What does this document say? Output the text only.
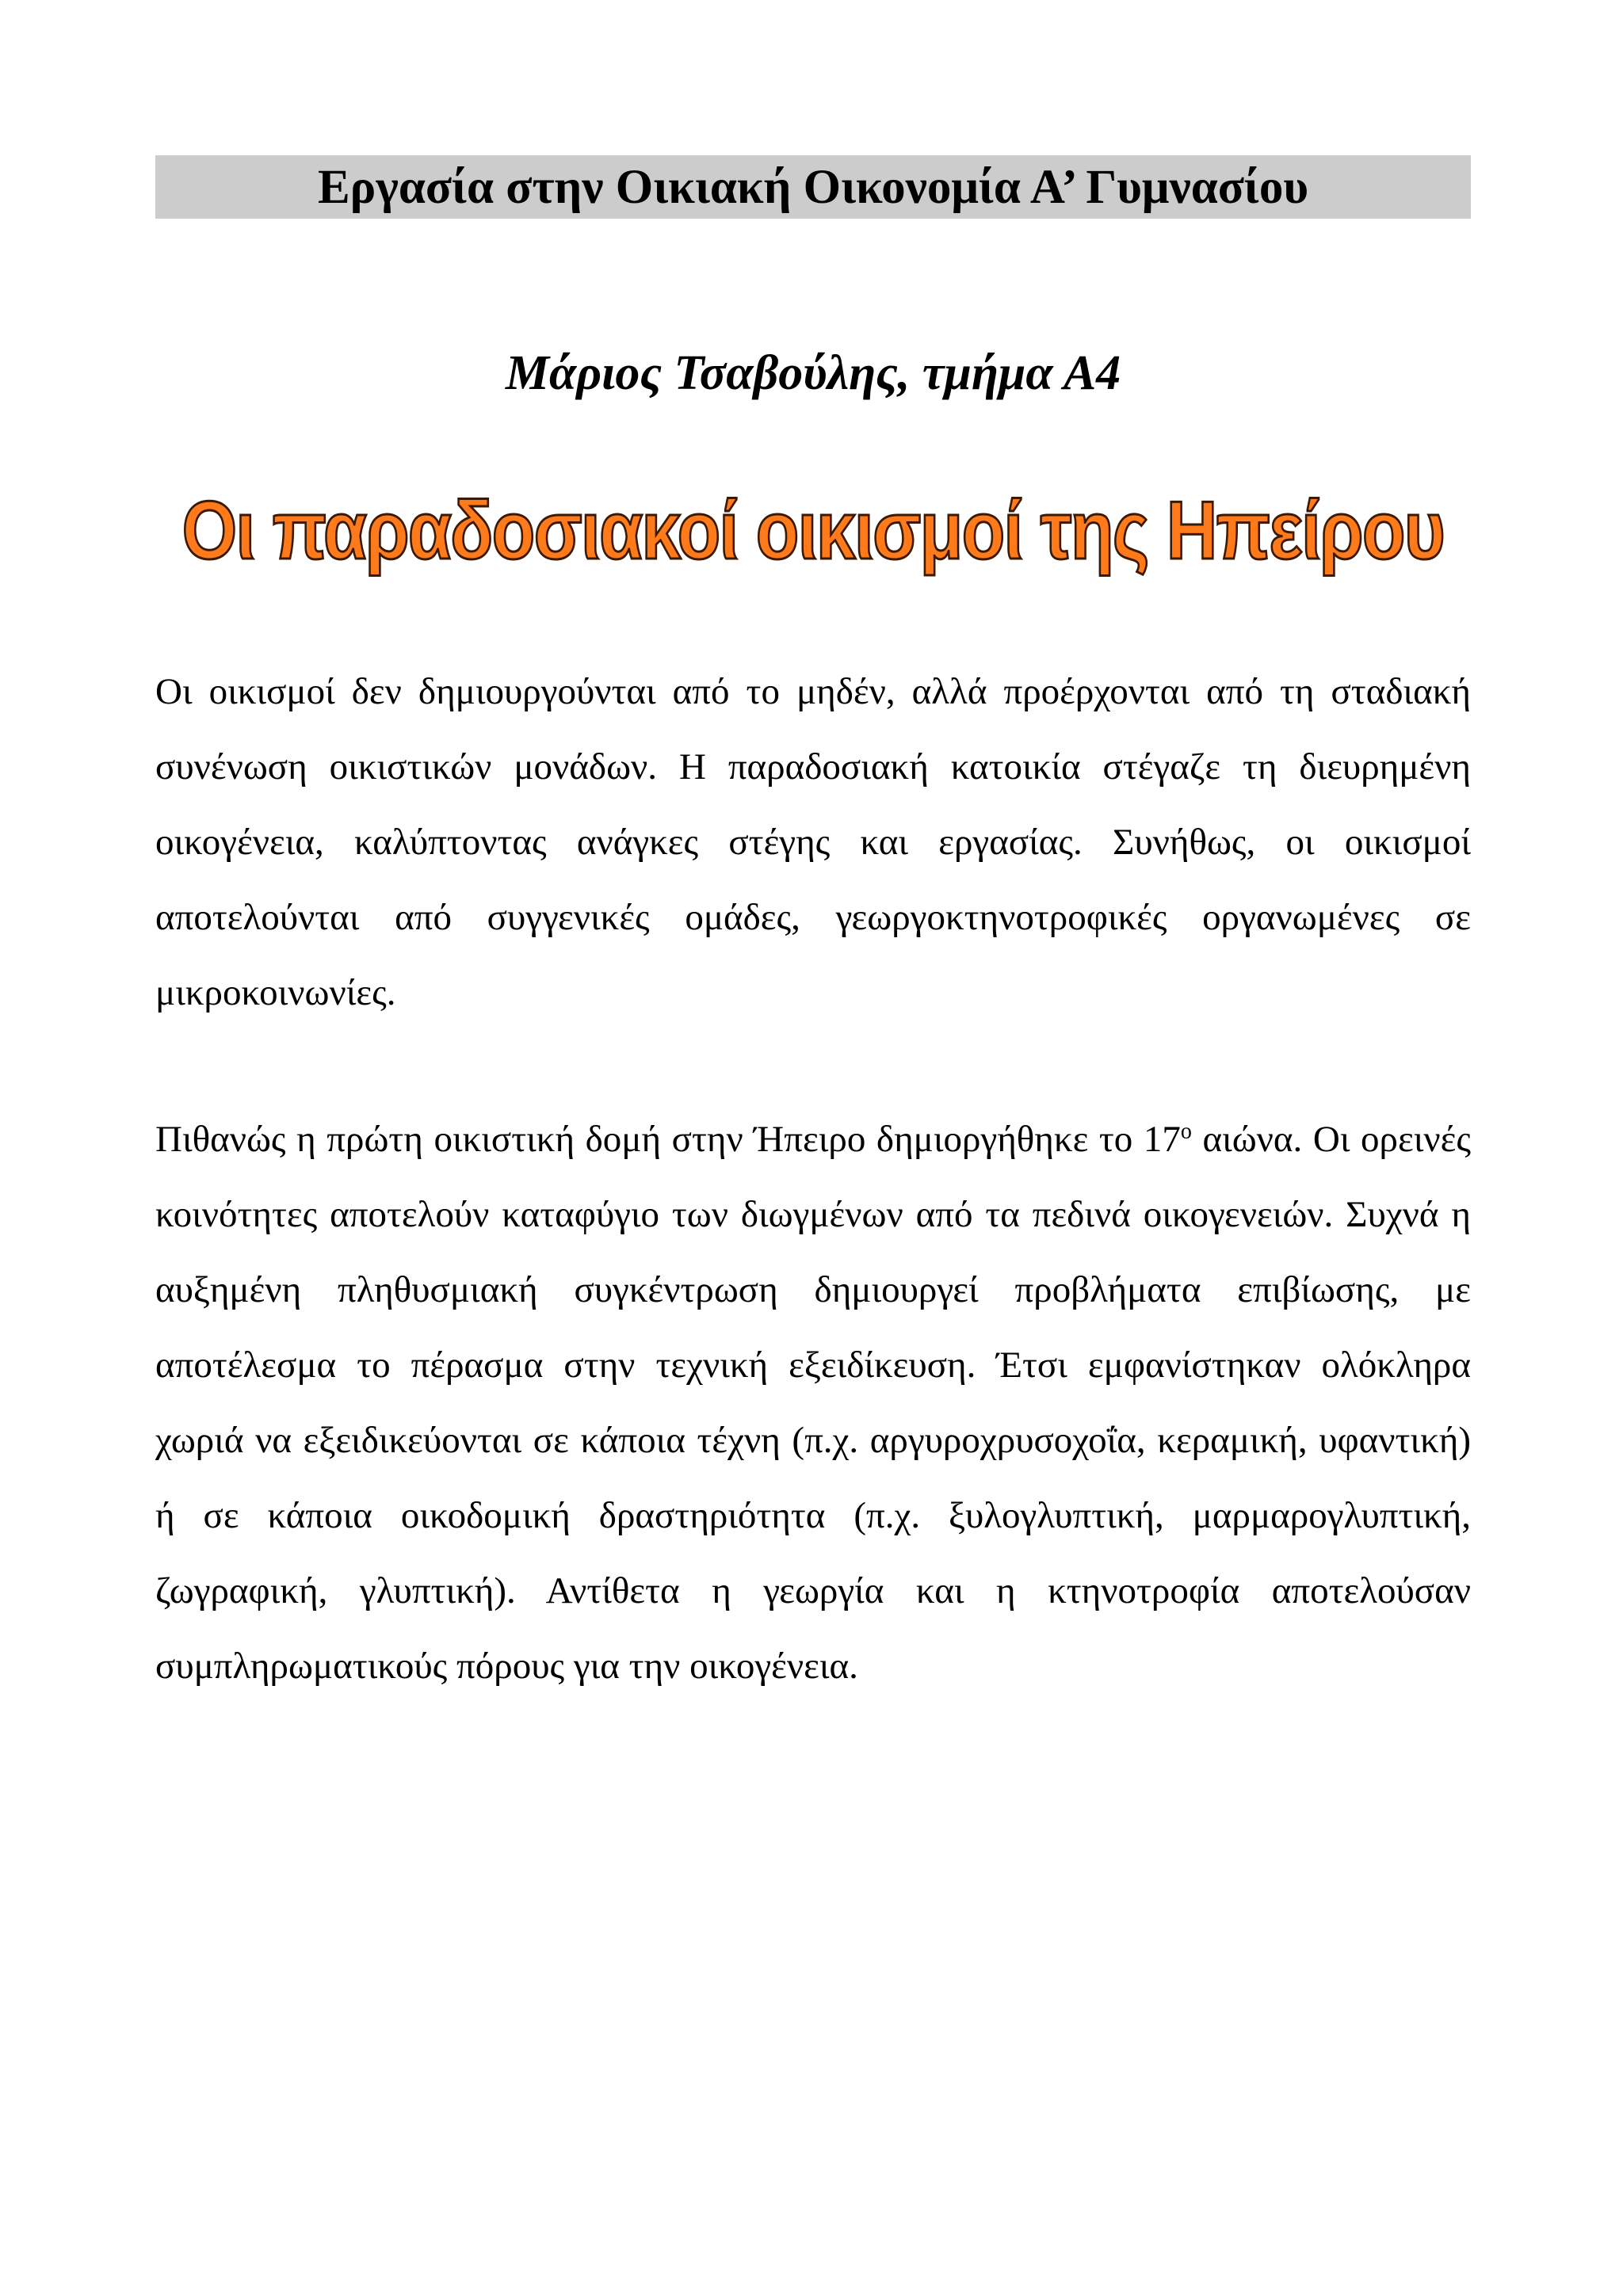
Εργασία στην Οικιακή Οικονομία Α’ Γυμνασίου
Μάριος Τσαβούλης, τμήμα Α4
Οι παραδοσιακοί οικισμοί της Ηπείρου

Οι οικισμοί δεν δημιουργούνται από το μηδέν, αλλά προέρχονται από τη σταδιακή συνένωση οικιστικών μονάδων. Η παραδοσιακή κατοικία στέγαζε τη διευρημένη οικογένεια, καλύπτοντας ανάγκες στέγης και εργασίας. Συνήθως, οι οικισμοί αποτελούνται από συγγενικές ομάδες, γεωργοκτηνοτροφικές οργανωμένες σε μικροκοινωνίες.

Πιθανώς η πρώτη οικιστική δομή στην Ήπειρο δημιοργήθηκε το $17^o$ αιώνα. Οι ορεινές κοινότητες αποτελούν καταφύγιο των διωγμένων από τα πεδινά οικογενειών. Συχνά η αυξημένη πληθυσμιακή συγκέντρωση δημιουργεί προβλήματα επιβίωσης, με αποτέλεσμα το πέρασμα στην τεχνική εξειδίκευση. Έτσι εμφανίστηκαν ολόκληρα χωριά να εξειδικεύονται σε κάποια τέχνη (π.χ. αργυροχρυσοχοΐα, κεραμική, υφαντική) ή σε κάποια οικοδομική δραστηριότητα (π.χ. ξυλογλυπτική, μαρμαρογλυπτική, ζωγραφική, γλυπτική). Αντίθετα η γεωργία και η κτηνοτροφία αποτελούσαν συμπληρωματικούς πόρους για την οικογένεια.
